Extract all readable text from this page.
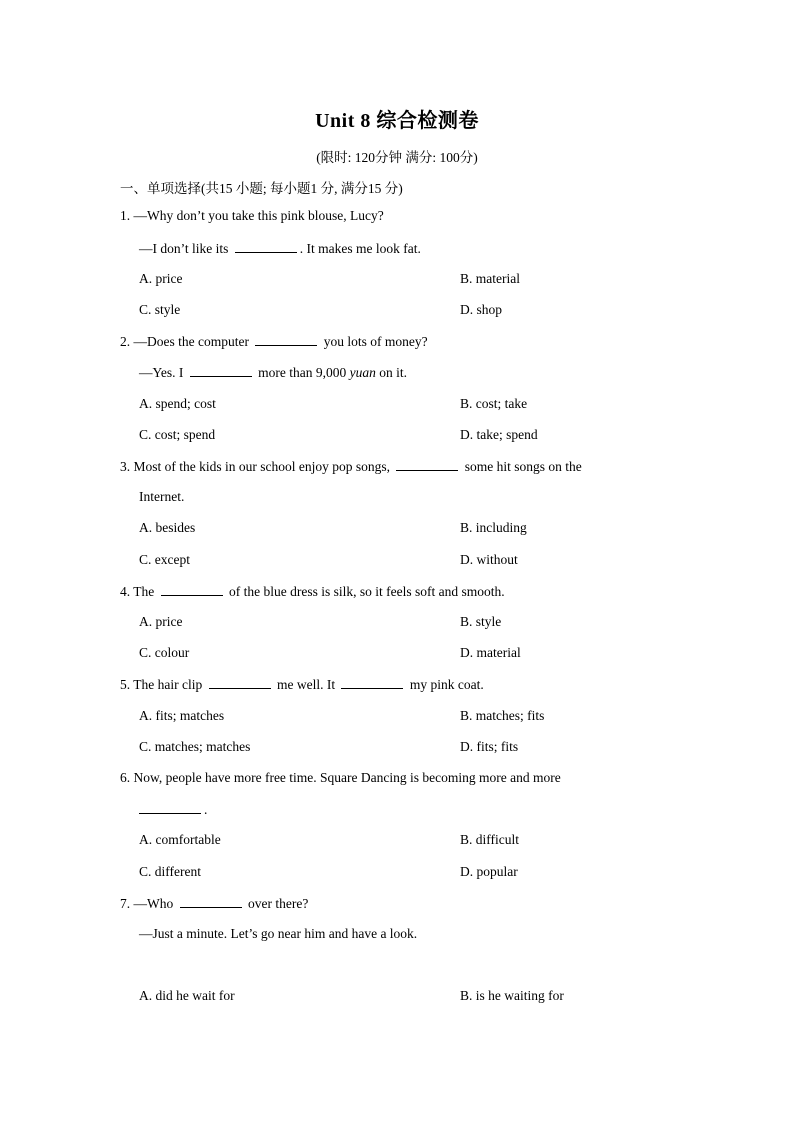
Unit 8 综合检测卷
(限时: 120分钟 满分: 100分)
一、单项选择(共15 小题; 每小题1 分, 满分15 分)
1. —Why don’t you take this pink blouse, Lucy?
—I don’t like its	. It makes me look fat.
A. price	B. material
C. style	D. shop
2. —Does the computer	you lots of money?
—Yes. I	more than 9,000 yuan on it.
A. spend; cost	B. cost; take
C. cost; spend	D. take; spend
3. Most of the kids in our school enjoy pop songs,	some hit songs on the
Internet.
A. besides	B. including
C. except	D. without
4. The	of the blue dress is silk, so it feels soft and smooth.
A. price	B. style
C. colour	D. material
5. The hair clip	me well. It	my pink coat.
A. fits; matches	B. matches; fits
C. matches; matches	D. fits; fits
6. Now, people have more free time. Square Dancing is becoming more and more
.
A. comfortable	B. difficult
C. different	D. popular
7. —Who	over there?
—Just a minute. Let’s go near him and have a look.
A. did he wait for	B. is he waiting for
